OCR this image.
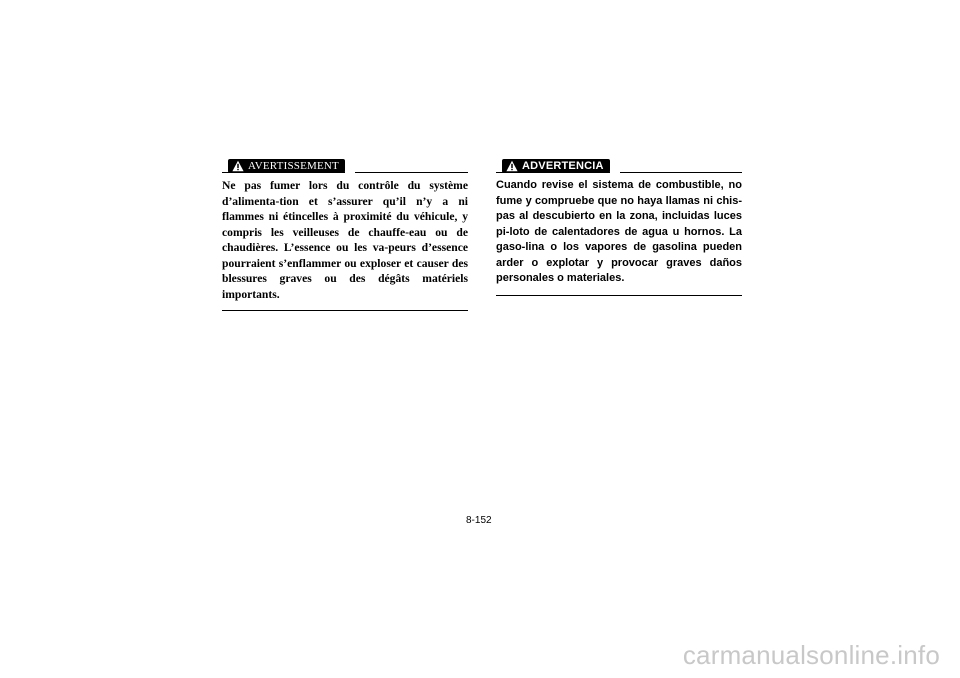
AVERTISSEMENT

Ne pas fumer lors du contrôle du système d’alimenta-tion et s’assurer qu’il n’y a ni flammes ni étincelles à proximité du véhicule, y compris les veilleuses de chauffe-eau ou de chaudières. L’essence ou les va-peurs d’essence pourraient s’enflammer ou exploser et causer des blessures graves ou des dégâts matériels importants.

ADVERTENCIA

Cuando revise el sistema de combustible, no fume y compruebe que no haya llamas ni chis-pas al descubierto en la zona, incluidas luces pi-loto de calentadores de agua u hornos. La gaso-lina o los vapores de gasolina pueden arder o explotar y provocar graves daños personales o materiales.

8-152
carmanualsonline.info
